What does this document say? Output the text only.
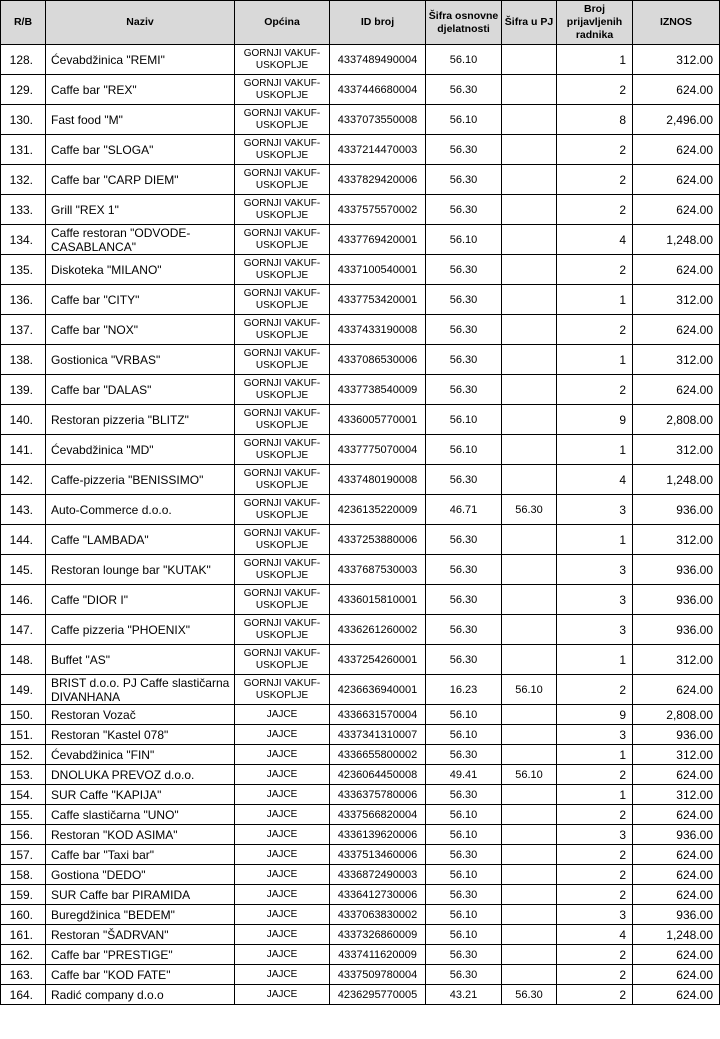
R/B	Naziv	Općina	ID broj	Šifra osnovne djelatnosti	Šifra u PJ	Broj prijavljenih radnika	IZNOS
128.	Ćevabdžinica "REMI"	GORNJI VAKUF-USKOPLJE	4337489490004	56.10		1	312.00
129.	Caffe bar "REX"	GORNJI VAKUF-USKOPLJE	4337446680004	56.30		2	624.00
130.	Fast food "M"	GORNJI VAKUF-USKOPLJE	4337073550008	56.10		8	2,496.00
131.	Caffe bar "SLOGA"	GORNJI VAKUF-USKOPLJE	4337214470003	56.30		2	624.00
132.	Caffe bar "CARP DIEM"	GORNJI VAKUF-USKOPLJE	4337829420006	56.30		2	624.00
133.	Grill "REX 1"	GORNJI VAKUF-USKOPLJE	4337575570002	56.30		2	624.00
134.	Caffe restoran "ODVODE-CASABLANCA"	GORNJI VAKUF-USKOPLJE	4337769420001	56.10		4	1,248.00
135.	Diskoteka "MILANO"	GORNJI VAKUF-USKOPLJE	4337100540001	56.30		2	624.00
136.	Caffe bar "CITY"	GORNJI VAKUF-USKOPLJE	4337753420001	56.30		1	312.00
137.	Caffe bar "NOX"	GORNJI VAKUF-USKOPLJE	4337433190008	56.30		2	624.00
138.	Gostionica "VRBAS"	GORNJI VAKUF-USKOPLJE	4337086530006	56.30		1	312.00
139.	Caffe bar "DALAS"	GORNJI VAKUF-USKOPLJE	4337738540009	56.30		2	624.00
140.	Restoran pizzeria "BLITZ"	GORNJI VAKUF-USKOPLJE	4336005770001	56.10		9	2,808.00
141.	Ćevabdžinica "MD"	GORNJI VAKUF-USKOPLJE	4337775070004	56.10		1	312.00
142.	Caffe-pizzeria "BENISSIMO"	GORNJI VAKUF-USKOPLJE	4337480190008	56.30		4	1,248.00
143.	Auto-Commerce d.o.o.	GORNJI VAKUF-USKOPLJE	4236135220009	46.71	56.30	3	936.00
144.	Caffe "LAMBADA"	GORNJI VAKUF-USKOPLJE	4337253880006	56.30		1	312.00
145.	Restoran lounge bar "KUTAK"	GORNJI VAKUF-USKOPLJE	4337687530003	56.30		3	936.00
146.	Caffe "DIOR I"	GORNJI VAKUF-USKOPLJE	4336015810001	56.30		3	936.00
147.	Caffe pizzeria "PHOENIX"	GORNJI VAKUF-USKOPLJE	4336261260002	56.30		3	936.00
148.	Buffet "AS"	GORNJI VAKUF-USKOPLJE	4337254260001	56.30		1	312.00
149.	BRIST d.o.o. PJ Caffe slastičarna DIVANHANA	GORNJI VAKUF-USKOPLJE	4236636940001	16.23	56.10	2	624.00
150.	Restoran Vozač	JAJCE	4336631570004	56.10		9	2,808.00
151.	Restoran "Kastel 078"	JAJCE	4337341310007	56.10		3	936.00
152.	Ćevabdžinica "FIN"	JAJCE	4336655800002	56.30		1	312.00
153.	DNOLUKA PREVOZ d.o.o.	JAJCE	4236064450008	49.41	56.10	2	624.00
154.	SUR Caffe "KAPIJA"	JAJCE	4336375780006	56.30		1	312.00
155.	Caffe slastičarna "UNO"	JAJCE	4337566820004	56.10		2	624.00
156.	Restoran "KOD ASIMA"	JAJCE	4336139620006	56.10		3	936.00
157.	Caffe bar "Taxi bar"	JAJCE	4337513460006	56.30		2	624.00
158.	Gostiona "DEDO"	JAJCE	4336872490003	56.10		2	624.00
159.	SUR Caffe bar PIRAMIDA	JAJCE	4336412730006	56.30		2	624.00
160.	Buregdžinica "BEDEM"	JAJCE	4337063830002	56.10		3	936.00
161.	Restoran "ŠADRVAN"	JAJCE	4337326860009	56.10		4	1,248.00
162.	Caffe bar "PRESTIGE"	JAJCE	4337411620009	56.30		2	624.00
163.	Caffe bar "KOD FATE"	JAJCE	4337509780004	56.30		2	624.00
164.	Radić company d.o.o	JAJCE	4236295770005	43.21	56.30	2	624.00
